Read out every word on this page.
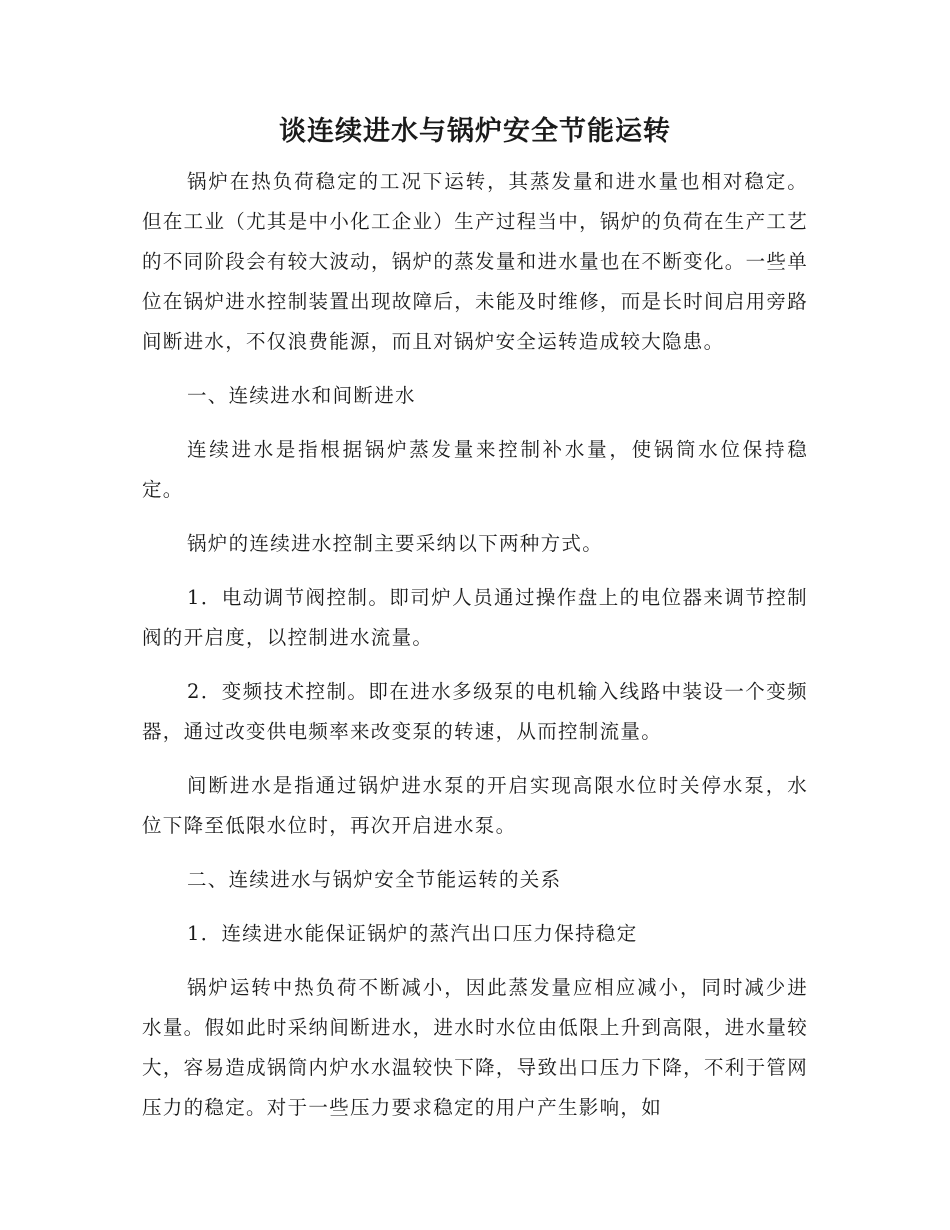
谈连续进水与锅炉安全节能运转

锅炉在热负荷稳定的工况下运转，其蒸发量和进水量也相对稳定。但在工业（尤其是中小化工企业）生产过程当中，锅炉的负荷在生产工艺的不同阶段会有较大波动，锅炉的蒸发量和进水量也在不断变化。一些单位在锅炉进水控制装置出现故障后，未能及时维修，而是长时间启用旁路间断进水，不仅浪费能源，而且对锅炉安全运转造成较大隐患。

一、连续进水和间断进水

连续进水是指根据锅炉蒸发量来控制补水量，使锅筒水位保持稳定。

锅炉的连续进水控制主要采纳以下两种方式。

1．电动调节阀控制。即司炉人员通过操作盘上的电位器来调节控制阀的开启度，以控制进水流量。

2．变频技术控制。即在进水多级泵的电机输入线路中装设一个变频器，通过改变供电频率来改变泵的转速，从而控制流量。

间断进水是指通过锅炉进水泵的开启实现高限水位时关停水泵，水位下降至低限水位时，再次开启进水泵。

二、连续进水与锅炉安全节能运转的关系

1．连续进水能保证锅炉的蒸汽出口压力保持稳定

锅炉运转中热负荷不断减小，因此蒸发量应相应减小，同时减少进水量。假如此时采纳间断进水，进水时水位由低限上升到高限，进水量较大，容易造成锅筒内炉水水温较快下降，导致出口压力下降，不利于管网压力的稳定。对于一些压力要求稳定的用户产生影响，如
